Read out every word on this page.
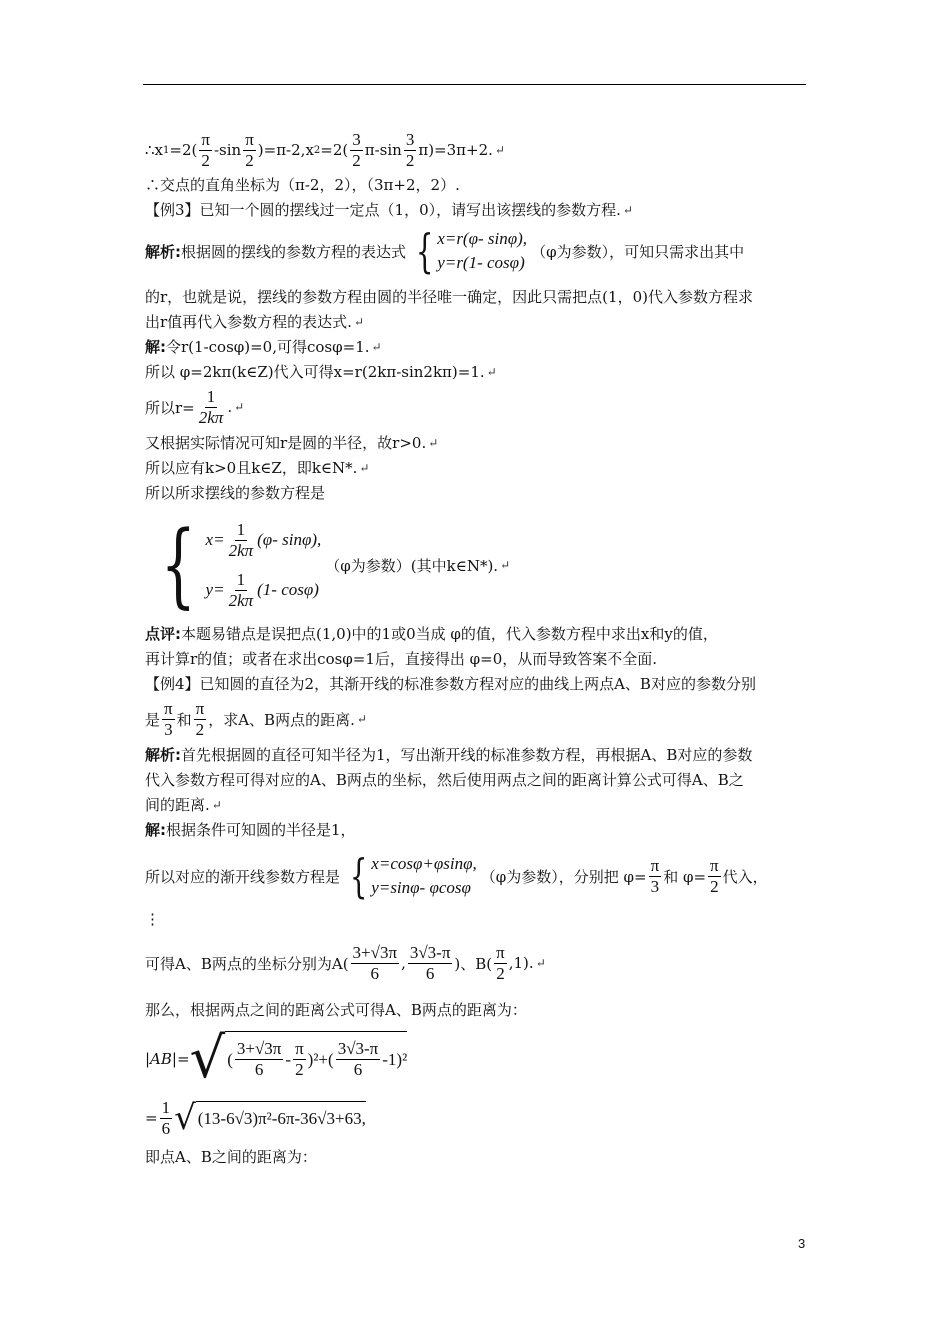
∴x $1 =2( \frac{\pi}{2} -\sin \frac{\pi}{2} )=\pi-2,x$ $2 =2( \frac{3}{2} \pi-\sin \frac{3}{2} \pi)=3\pi+2$. ↵
∴交点的直角坐标为（π-2，2），（3π+2，2）.
【例3】已知一个圆的摆线过一定点（1，0），请写出该摆线的参数方程. ↵
解析: 根据圆的摆线的参数方程的表达式 { x=r(φ- sinφ),
y=r(1- cosφ)
（φ为参数），可知只需求出其中
的r，也就是说，摆线的参数方程由圆的半径唯一确定，因此只需把点(1，0)代入参数方程求
出r值再代入参数方程的表达式. ↵
解: 令r(1-cosφ)=0,可得cosφ=1. ↵
所以 φ=2kπ(k∈Z)代入可得x=r(2kπ-sin2kπ)=1. ↵
所以$r= \frac{1}{2k\pi}$ . ↵
又根据实际情况可知r是圆的半径，故r>0. ↵
所以应有k>0且k∈Z，即k∈N*. ↵
所以所求摆线的参数方程是
{ $x= \frac{1}{2k\pi} (\varphi-$ sinφ),
$y= \frac{1}{2k\pi} (1-$ cosφ)
（φ为参数）(其中k∈N*). ↵
点评: 本题易错点是误把点(1,0)中的1或0当成 φ的值，代入参数方程中求出x和y的值，
再计算r的值；或者在求出cosφ=1后，直接得出 φ=0，从而导致答案不全面.
【例4】已知圆的直径为2，其渐开线的标准参数方程对应的曲线上两点A、B对应的参数分别
是 $\frac{\pi}{3}$ 和 $\frac{\pi}{2}$ ，求A、B两点的距离. ↵
解析: 首先根据圆的直径可知半径为1，写出渐开线的标准参数方程，再根据A、B对应的参数
代入参数方程可得对应的A、B两点的坐标，然后使用两点之间的距离计算公式可得A、B之
间的距离. ↵
解: 根据条件可知圆的半径是1，
所以对应的渐开线参数方程是 { x=cosφ+φsinφ,
y=sinφ- φcosφ
（φ为参数），分别把 $\varphi= \frac{\pi}{3}$ 和 $\varphi= \frac{\pi}{2}$ 代入，
⋮
可得A、B两点的坐标分别为$A( \frac{3+√3\pi}{6}$ , $\frac{3√3-\pi}{6}$ )、$B( \frac{\pi}{2} ,1)$. ↵
那么，根据两点之间的距离公式可得A、B两点的距离为：
|AB|= √ ( $\frac{3+√3\pi}{6} - \frac{\pi}{2} )^2+( \frac{3√3-\pi}{6} -1)^2$
= $\frac{1}{6}$ √ (13-6√3)π²-6π-36√3+63,
即点A、B之间的距离为：
3
